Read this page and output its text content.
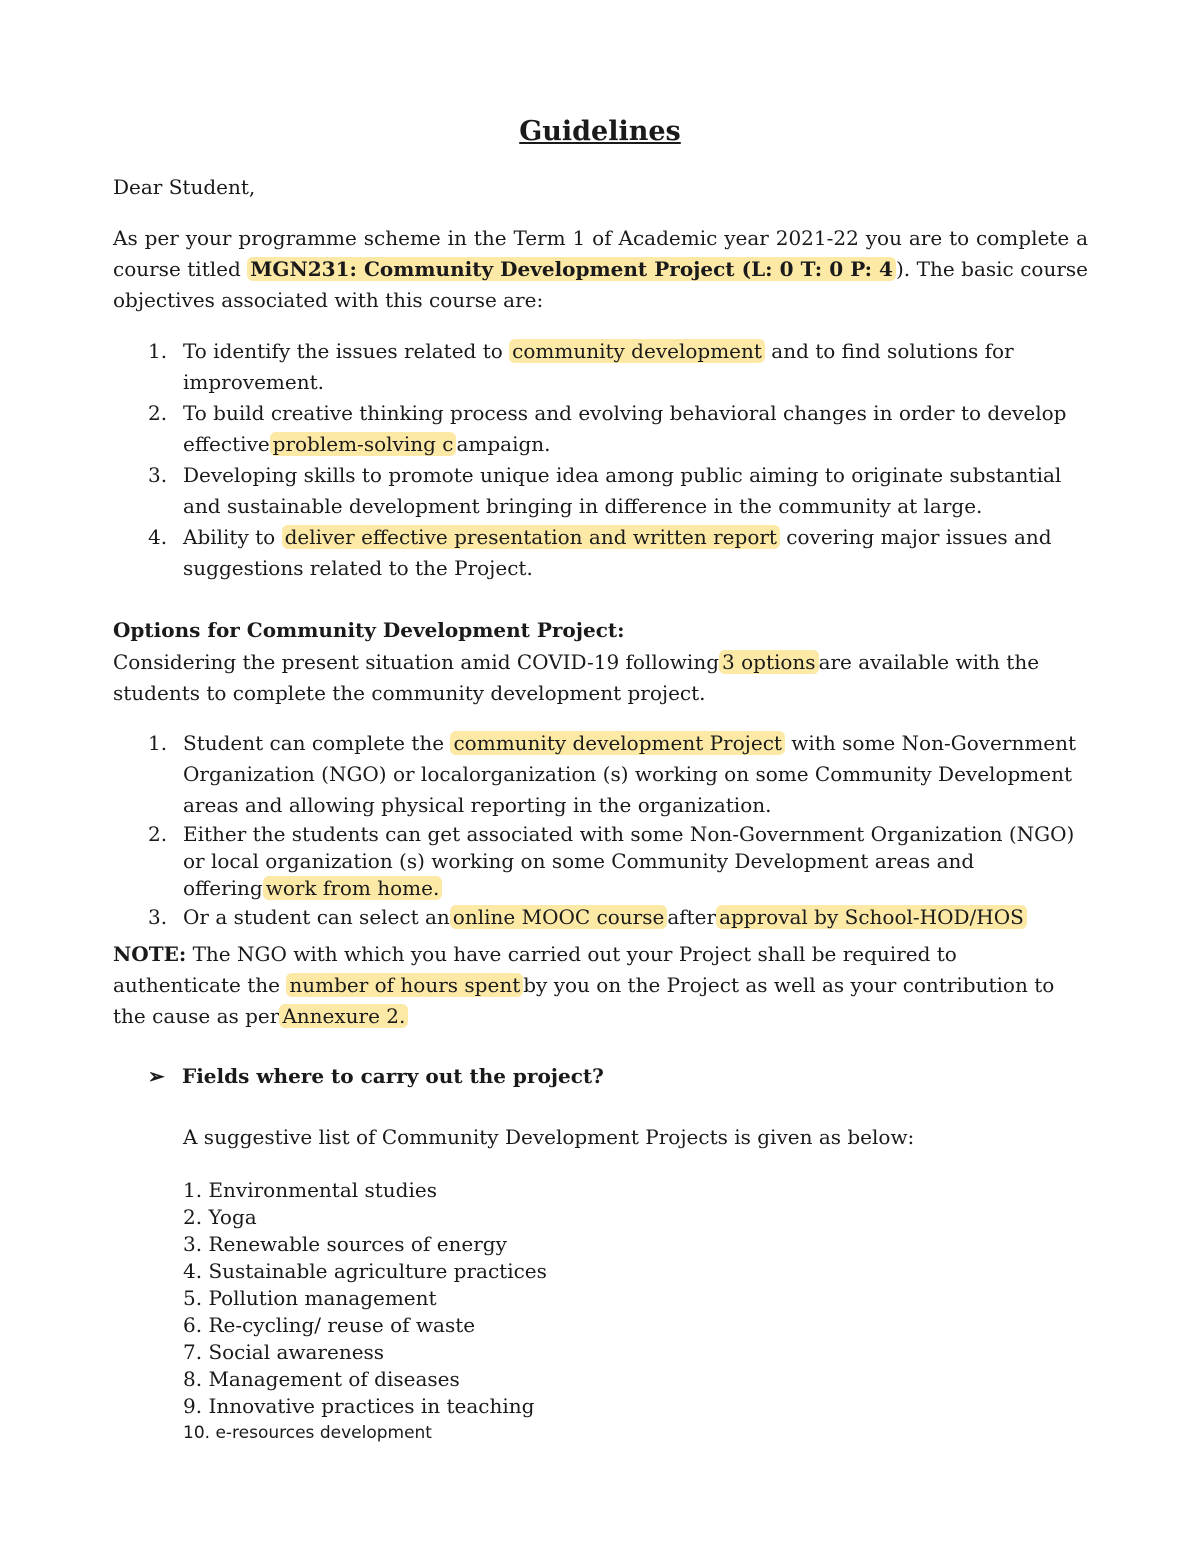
Guidelines

Dear Student,

As per your programme scheme in the Term 1 of Academic year 2021-22 you are to complete a course titled MGN231: Community Development Project (L: 0 T: 0 P: 4 ). The basic course objectives associated with this course are:

1. To identify the issues related to community development and to find solutions for improvement.
2. To build creative thinking process and evolving behavioral changes in order to develop effective problem-solving c ampaign.
3. Developing skills to promote unique idea among public aiming to originate substantial and sustainable development bringing in difference in the community at large.
4. Ability to deliver effective presentation and written report covering major issues and suggestions related to the Project.
Options for Community Development Project:

Considering the present situation amid COVID-19 following 3 options are available with the students to complete the community development project.

1. Student can complete the community development Project with some Non-Government Organization (NGO) or localorganization (s) working on some Community Development areas and allowing physical reporting in the organization.
2. Either the students can get associated with some Non-Government Organization (NGO) or local organization (s) working on some Community Development areas and offering work from home.
3. Or a student can select an online MOOC course after approval by School-HOD/HOS

NOTE: The NGO with which you have carried out your Project shall be required to authenticate the number of hours spent by you on the Project as well as your contribution to the cause as per Annexure 2.

➢ Fields where to carry out the project?
A suggestive list of Community Development Projects is given as below:
1. Environmental studies
2. Yoga
3. Renewable sources of energy
4. Sustainable agriculture practices
5. Pollution management
6. Re-cycling/ reuse of waste
7. Social awareness
8. Management of diseases
9. Innovative practices in teaching
10. e-resources development
